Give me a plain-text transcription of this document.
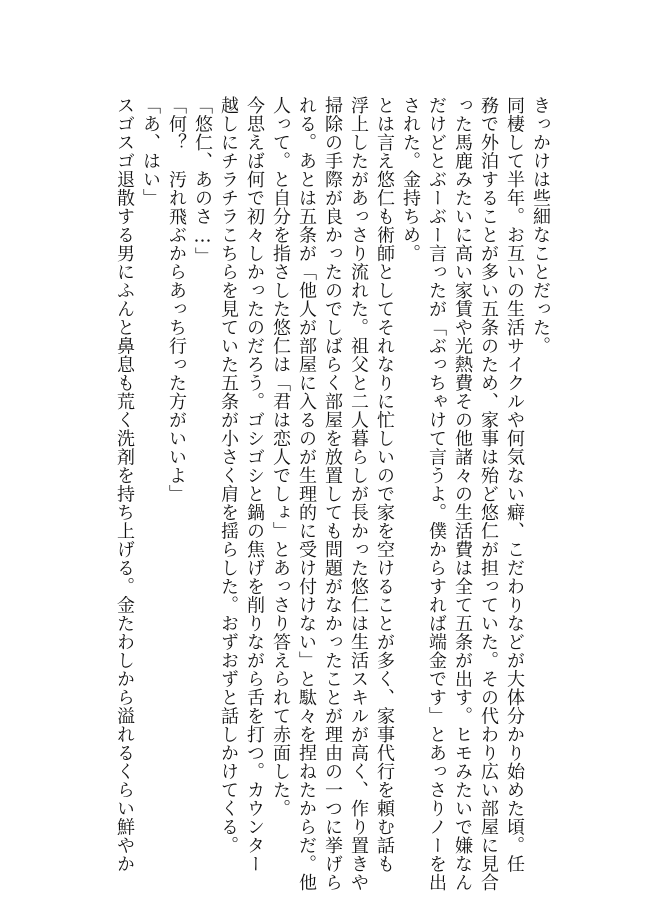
きっかけは些細なことだった。

同棲して半年。お互いの生活サイクルや何気ない癖、こだわりなどが大体分かり始めた頃。任

務で外泊することが多い五条のため、家事は殆ど悠仁が担っていた。その代わり広い部屋に見合

った馬鹿みたいに高い家賃や光熱費その他諸々の生活費は全て五条が出す。ヒモみたいで嫌なん

だけどとぶーぶー言ったが「ぶっちゃけて言うよ。僕からすれば端金です」とあっさりノーを出

された。金持ちめ。

とは言え悠仁も術師としてそれなりに忙しいので家を空けることが多く、家事代行を頼む話も

浮上したがあっさり流れた。祖父と二人暮らしが長かった悠仁は生活スキルが高く、作り置きや

掃除の手際が良かったのでしばらく部屋を放置しても問題がなかったことが理由の一つに挙げら

れる。あとは五条が「他人が部屋に入るのが生理的に受け付けない」と駄々を捏ねたからだ。他

人って。と自分を指さした悠仁は「君は恋人でしょ」とあっさり答えられて赤面した。

今思えば何で初々しかったのだろう。ゴシゴシと鍋の焦げを削りながら舌を打つ。カウンター

越しにチラチラこちらを見ていた五条が小さく肩を揺らした。おずおずと話しかけてくる。

「悠仁、あのさ…」

「何？　汚れ飛ぶからあっち行った方がいいよ」

「あ、はい」

スゴスゴ退散する男にふんと鼻息も荒く洗剤を持ち上げる。金たわしから溢れるくらい鮮やか
